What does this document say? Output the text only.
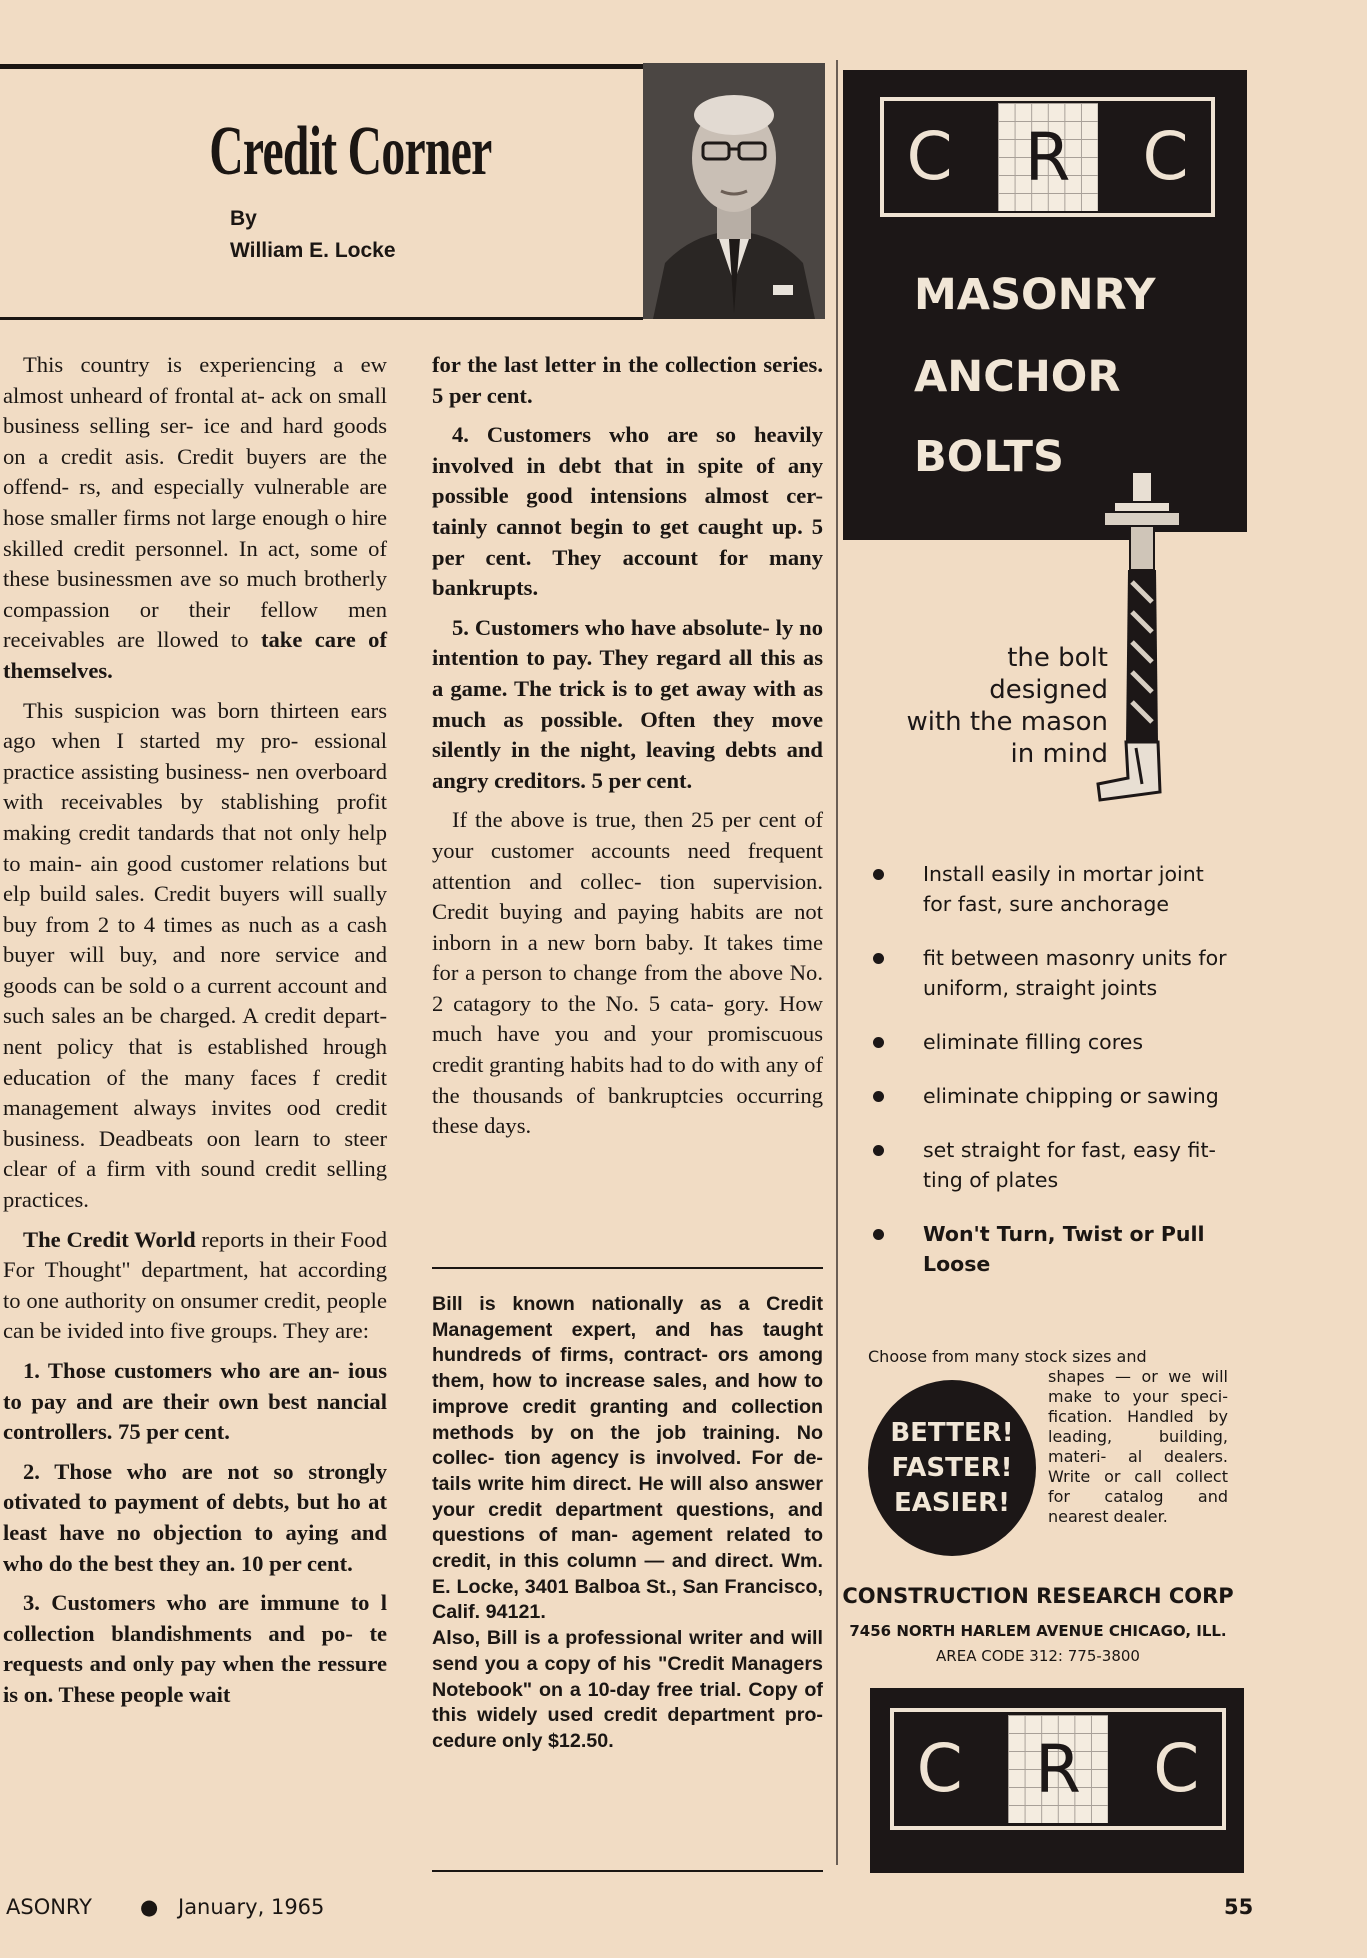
Credit Corner
By
William E. Locke

This country is experiencing a ew almost unheard of frontal at- ack on small business selling ser- ice and hard goods on a credit asis. Credit buyers are the offend- rs, and especially vulnerable are hose smaller firms not large enough o hire skilled credit personnel. In act, some of these businessmen ave so much brotherly compassion or their fellow men receivables are llowed to take care of themselves.

This suspicion was born thirteen ears ago when I started my pro- essional practice assisting business- nen overboard with receivables by stablishing profit making credit tandards that not only help to main- ain good customer relations but elp build sales. Credit buyers will sually buy from 2 to 4 times as nuch as a cash buyer will buy, and nore service and goods can be sold o a current account and such sales an be charged. A credit depart- nent policy that is established hrough education of the many faces f credit management always invites ood credit business. Deadbeats oon learn to steer clear of a firm vith sound credit selling practices.

The Credit World reports in their Food For Thought" department, hat according to one authority on onsumer credit, people can be ivided into five groups. They are:

1. Those customers who are an- ious to pay and are their own best nancial controllers. 75 per cent.

2. Those who are not so strongly otivated to payment of debts, but ho at least have no objection to aying and who do the best they an. 10 per cent.

3. Customers who are immune to l collection blandishments and po- te requests and only pay when the ressure is on. These people wait

for the last letter in the collection series. 5 per cent.

4. Customers who are so heavily involved in debt that in spite of any possible good intensions almost cer- tainly cannot begin to get caught up. 5 per cent. They account for many bankrupts.

5. Customers who have absolute- ly no intention to pay. They regard all this as a game. The trick is to get away with as much as possible. Often they move silently in the night, leaving debts and angry creditors. 5 per cent.

If the above is true, then 25 per cent of your customer accounts need frequent attention and collec- tion supervision. Credit buying and paying habits are not inborn in a new born baby. It takes time for a person to change from the above No. 2 catagory to the No. 5 cata- gory. How much have you and your promiscuous credit granting habits had to do with any of the thousands of bankruptcies occurring these days.

Bill is known nationally as a Credit Management expert, and has taught hundreds of firms, contract- ors among them, how to increase sales, and how to improve credit granting and collection methods by on the job training. No collec- tion agency is involved. For de- tails write him direct. He will also answer your credit department questions, and questions of man- agement related to credit, in this column — and direct. Wm. E. Locke, 3401 Balboa St., San Francisco, Calif. 94121.

Also, Bill is a professional writer and will send you a copy of his "Credit Managers Notebook" on a 10-day free trial. Copy of this widely used credit department pro- cedure only $12.50.

C	R	C
MASONRY
ANCHOR
BOLTS
the bolt
designed
with the mason
in mind
Install easily in mortar joint for fast, sure anchorage
fit between masonry units for uniform, straight joints
eliminate filling cores
eliminate chipping or sawing
set straight for fast, easy fit- ting of plates
Won't Turn, Twist or Pull Loose
Choose from many stock sizes and
shapes — or we will make to your speci- fication. Handled by leading, building, materi- al dealers. Write or call collect for catalog and nearest dealer.
BETTER!
FASTER!
EASIER!
CONSTRUCTION RESEARCH CORP
7456 NORTH HARLEM AVENUE CHICAGO, ILL.
AREA CODE 312: 775-3800
C	R	C
ASONRY ● January, 1965	55
